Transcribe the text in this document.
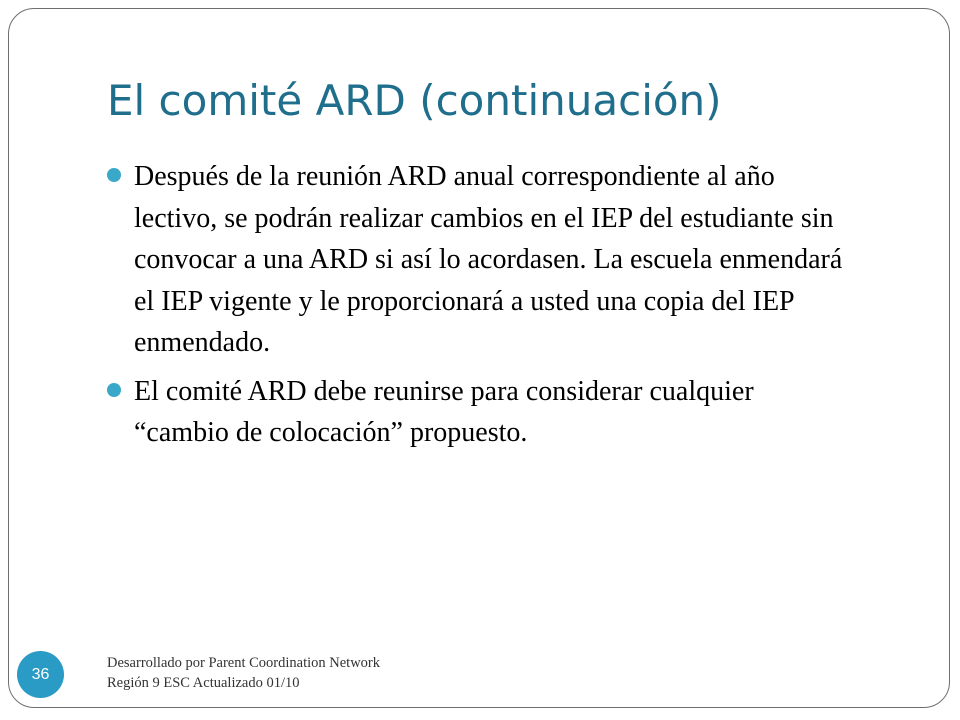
El comité ARD (continuación)
Después de la reunión ARD anual correspondiente al año lectivo, se podrán realizar cambios en el IEP del estudiante sin convocar a una ARD si así lo acordasen. La escuela enmendará el IEP vigente y le proporcionará a usted una copia del IEP enmendado.
El comité ARD debe reunirse para considerar cualquier “cambio de colocación” propuesto.
36
Desarrollado por Parent Coordination Network
Región 9 ESC Actualizado 01/10
